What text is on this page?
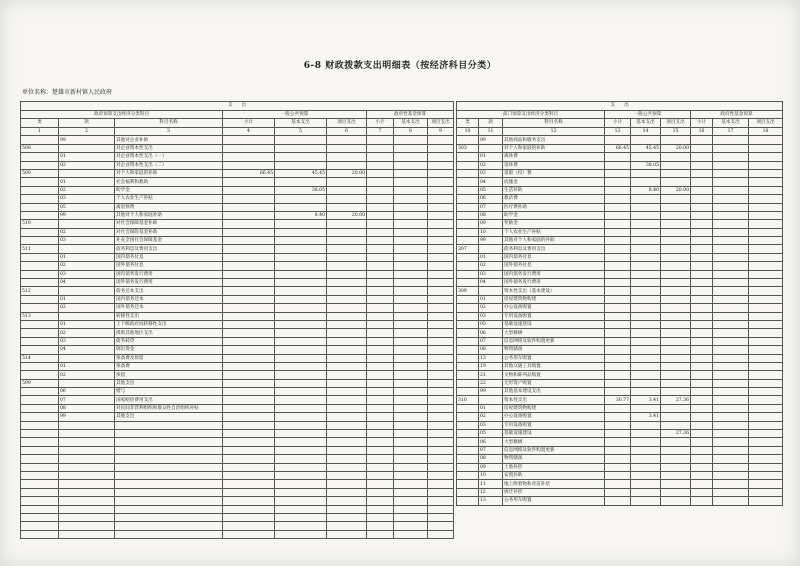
6-8 财政拨款支出明细表（按经济科目分类）
单位名称：楚雄市新村镇人民政府
支　　出								
政府预算支出经济分类科目			一般公共预算			政府性基金预算		
类	款	科目名称	小计	基本支出	项目支出	小计	基本支出	项目支出
1	2	3	4	5	6	7	8	9
	99	其他对企业补助						
508		对企业资本性支出						
	01	对企业资本性支出（一）						
	02	对企业资本性支出（二）						
509		对个人和家庭的补助	66.45	45.45	20.00			
	01	社会福利和救助						
	02	助学金		38.05				
	03	个人农业生产补贴						
	05	离退休费						
	99	其他对个人和家庭补助		8.40	20.00			
510		对社会保障基金补助						
	02	对社会保险基金补助						
	03	补充全国社会保障基金						
511		债务利息及费用支出						
	01	国内债务付息						
	02	国外债务付息						
	03	国内债务发行费用						
	04	国外债务发行费用						
512		债务还本支出						
	01	国内债务还本						
	02	国外债务还本						
513		转移性支出						
	01	上下级政府间转移性支出						
	02	援助其他地区支出						
	03	债务转贷						
	04	调出资金						
514		预备费及预留						
	01	预备费						
	02	预留						
599		其他支出						
	06	赠与						
	07	国家赔偿费用支出						
	08	对民间非营利组织和群众性自治组织补贴						
	99	其他支出						

支　　出								
部门预算支出经济分类科目			一般公共预算			政府性基金预算		
类	款	科目名称	小计	基本支出	项目支出	小计	基本支出	项目支出
10	11	12	13	14	15	16	17	18
	99	其他商品和服务支出						
303		对个人和家庭的补助	66.45	45.45	20.00			
	01	离休费						
	02	退休费		38.05				
	03	退职（役）费						
	04	抚恤金						
	05	生活补助		8.40	20.00			
	06	救济费						
	07	医疗费补助						
	08	助学金						
	09	奖励金						
	10	个人农业生产补贴						
	99	其他对个人和家庭的补助						
307		债务利息及费用支出						
	01	国内债务付息						
	02	国外债务付息						
	03	国内债务发行费用						
	04	国外债务发行费用						
309		资本性支出（基本建设）						
	01	房屋建筑物购建						
	02	办公设备购置						
	03	专用设备购置						
	05	基础设施建设						
	06	大型修缮						
	07	信息网络及软件购置更新						
	08	物资储备						
	13	公务用车购置						
	19	其他交通工具购置						
	21	文物和陈列品购置						
	22	无形资产购置						
	99	其他基本建设支出						
310		资本性支出	30.77	3.41	27.36			
	01	房屋建筑物购建						
	02	办公设备购置		3.41				
	03	专用设备购置						
	05	基础设施建设			27.36			
	06	大型修缮						
	07	信息网络及软件购置更新						
	08	物资储备						
	09	土地补偿						
	10	安置补助						
	11	地上附着物和青苗补偿						
	12	拆迁补偿						
	13	公务用车购置						
